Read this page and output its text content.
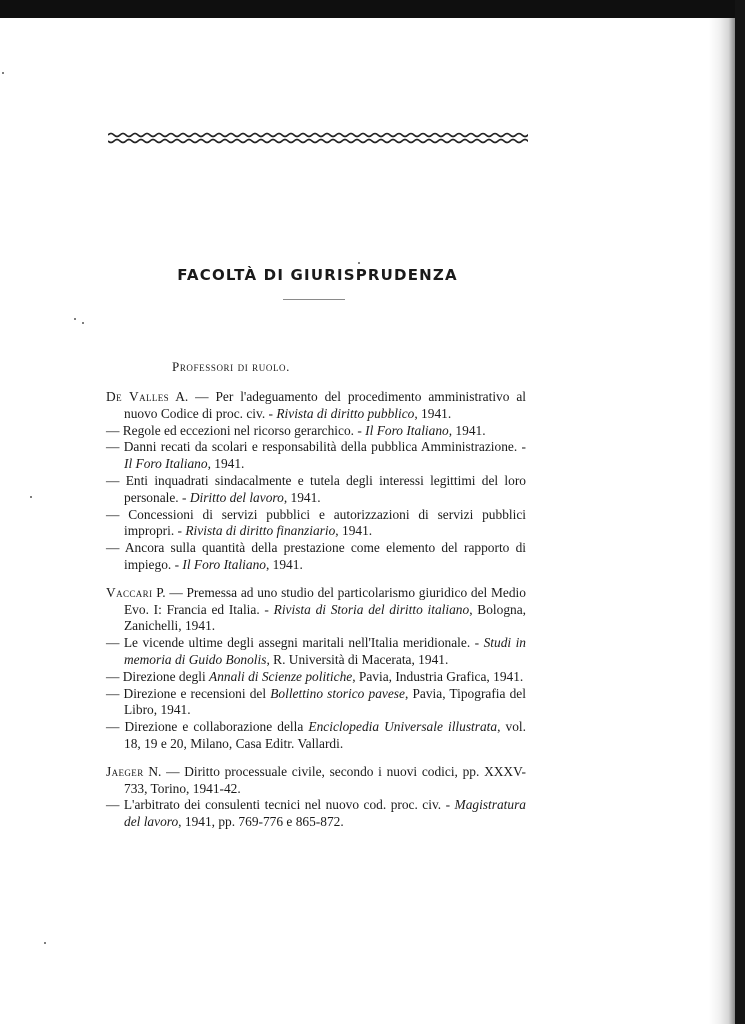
FACOLTÀ DI GIURISPRUDENZA
Professori di ruolo.
De Valles A. — Per l'adeguamento del procedimento amministrativo al nuovo Codice di proc. civ. - Rivista di diritto pubblico, 1941.
— Regole ed eccezioni nel ricorso gerarchico. - Il Foro Italiano, 1941.
— Danni recati da scolari e responsabilità della pubblica Amministrazione. - Il Foro Italiano, 1941.
— Enti inquadrati sindacalmente e tutela degli interessi legittimi del loro personale. - Diritto del lavoro, 1941.
— Concessioni di servizi pubblici e autorizzazioni di servizi pubblici impropri. - Rivista di diritto finanziario, 1941.
— Ancora sulla quantità della prestazione come elemento del rapporto di impiego. - Il Foro Italiano, 1941.
Vaccari P. — Premessa ad uno studio del particolarismo giuridico del Medio Evo. I: Francia ed Italia. - Rivista di Storia del diritto italiano, Bologna, Zanichelli, 1941.
— Le vicende ultime degli assegni maritali nell'Italia meridionale. - Studi in memoria di Guido Bonolis, R. Università di Macerata, 1941.
— Direzione degli Annali di Scienze politiche, Pavia, Industria Grafica, 1941.
— Direzione e recensioni del Bollettino storico pavese, Pavia, Tipografia del Libro, 1941.
— Direzione e collaborazione della Enciclopedia Universale illustrata, vol. 18, 19 e 20, Milano, Casa Editr. Vallardi.
Jaeger N. — Diritto processuale civile, secondo i nuovi codici, pp. XXXV-733, Torino, 1941-42.
— L'arbitrato dei consulenti tecnici nel nuovo cod. proc. civ. - Magistratura del lavoro, 1941, pp. 769-776 e 865-872.
